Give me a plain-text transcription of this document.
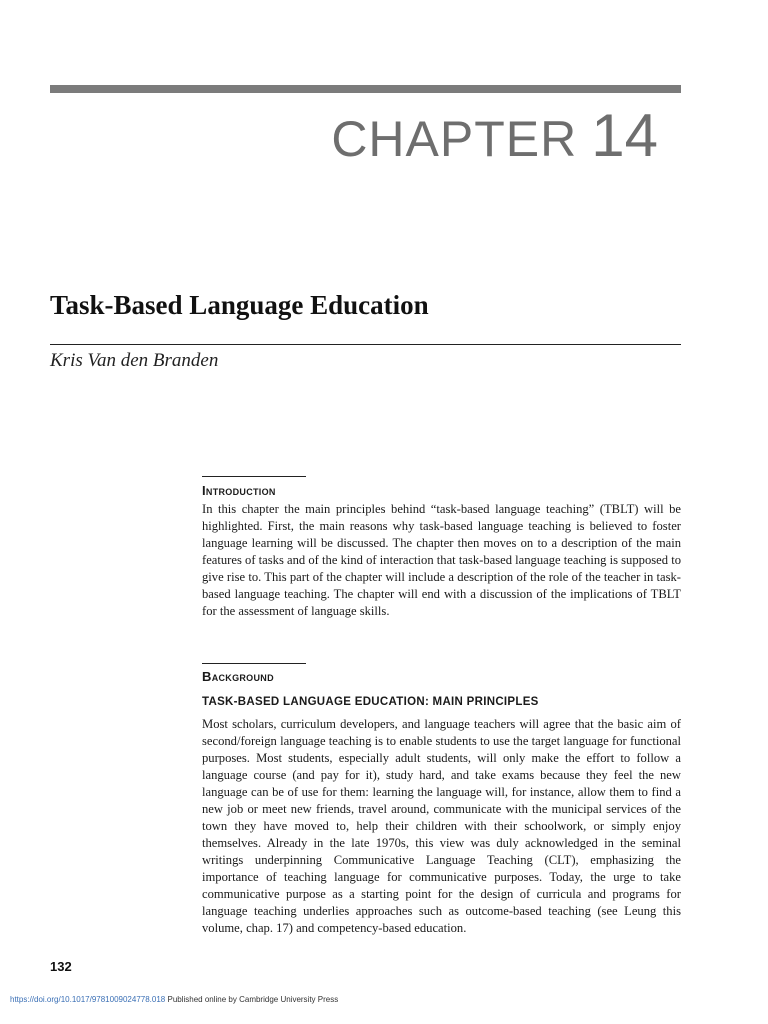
CHAPTER 14
Task-Based Language Education
Kris Van den Branden
Introduction

In this chapter the main principles behind “task-based language teaching” (TBLT) will be highlighted. First, the main reasons why task-based language teaching is believed to foster language learning will be discussed. The chapter then moves on to a description of the main features of tasks and of the kind of interaction that task-based language teaching is supposed to give rise to. This part of the chapter will include a description of the role of the teacher in task-based language teaching. The chapter will end with a discussion of the implications of TBLT for the assessment of language skills.

Background
TASK-BASED LANGUAGE EDUCATION: MAIN PRINCIPLES

Most scholars, curriculum developers, and language teachers will agree that the basic aim of second/foreign language teaching is to enable students to use the target language for functional purposes. Most students, especially adult students, will only make the effort to follow a language course (and pay for it), study hard, and take exams because they feel the new language can be of use for them: learning the language will, for instance, allow them to find a new job or meet new friends, travel around, communicate with the municipal services of the town they have moved to, help their children with their schoolwork, or simply enjoy themselves. Already in the late 1970s, this view was duly acknowledged in the seminal writings underpinning Communicative Language Teaching (CLT), emphasizing the importance of teaching language for communicative purposes. Today, the urge to take communicative purpose as a starting point for the design of curricula and programs for language teaching underlies approaches such as outcome-based teaching (see Leung this volume, chap. 17) and competency-based education.

132
https://doi.org/10.1017/9781009024778.018 Published online by Cambridge University Press
